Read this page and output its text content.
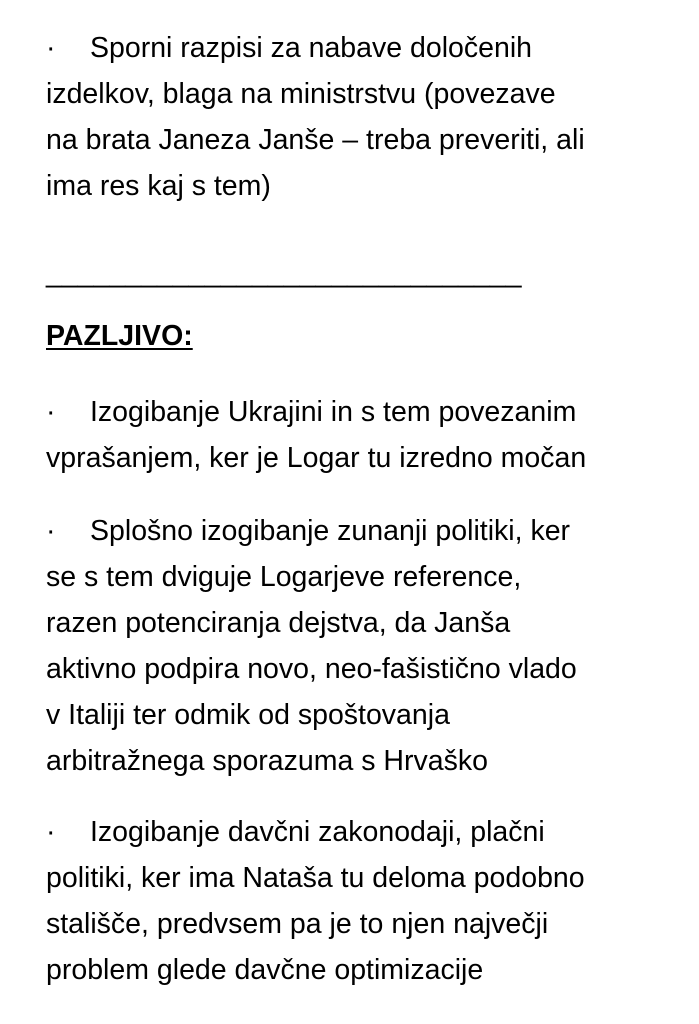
· Sporni razpisi za nabave določenih
izdelkov, blaga na ministrstvu (povezave
na brata Janeza Janše – treba preveriti, ali
ima res kaj s tem)
______________________________
PAZLJIVO:
· Izogibanje Ukrajini in s tem povezanim
vprašanjem, ker je Logar tu izredno močan
· Splošno izogibanje zunanji politiki, ker
se s tem dviguje Logarjeve reference,
razen potenciranja dejstva, da Janša
aktivno podpira novo, neo-fašistično vlado
v Italiji ter odmik od spoštovanja
arbitražnega sporazuma s Hrvaško
· Izogibanje davčni zakonodaji, plačni
politiki, ker ima Nataša tu deloma podobno
stališče, predvsem pa je to njen največji
problem glede davčne optimizacije
